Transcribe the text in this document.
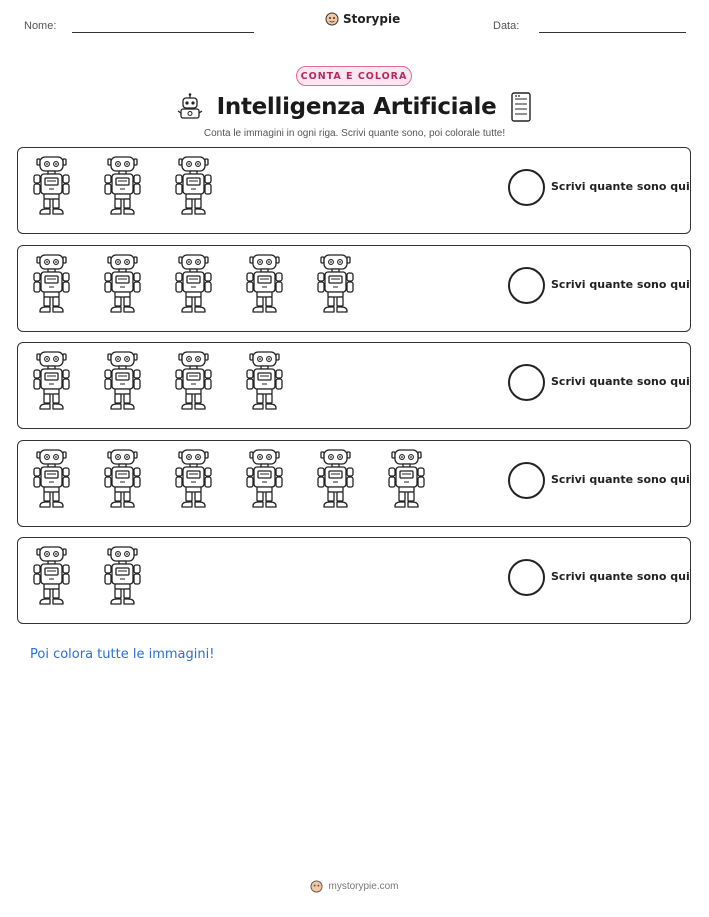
Nome:	Storypie	Data:
CONTA E COLORA
Intelligenza Artificiale
Conta le immagini in ogni riga. Scrivi quante sono, poi colorale tutte!
Scrivi quante sono qui
Scrivi quante sono qui
Scrivi quante sono qui
Scrivi quante sono qui
Scrivi quante sono qui
Poi colora tutte le immagini!
mystorypie.com
